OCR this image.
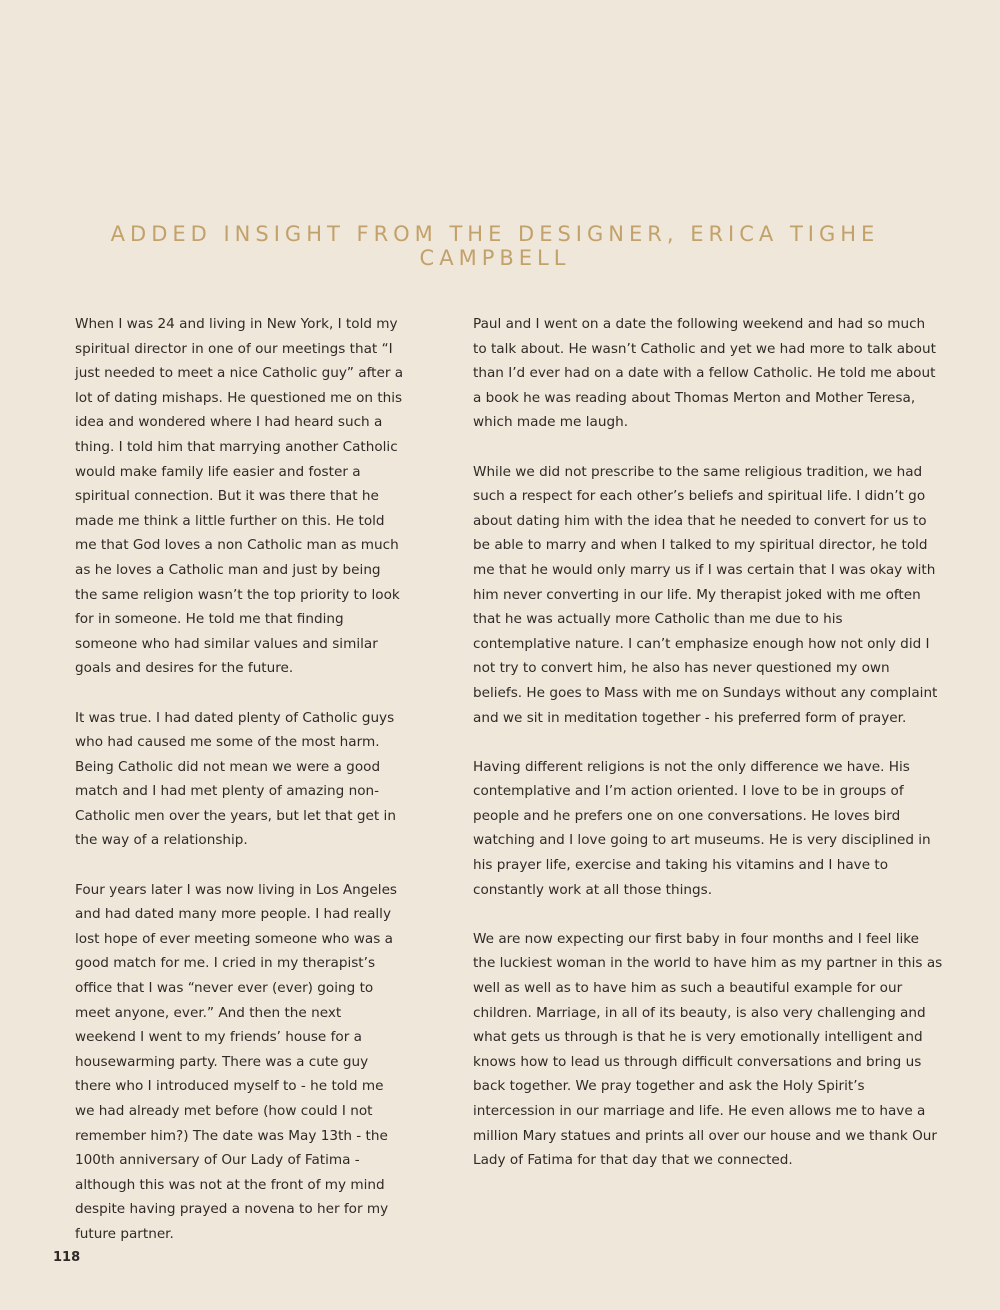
ADDED INSIGHT FROM THE DESIGNER, ERICA TIGHE CAMPBELL

When I was 24 and living in New York, I told my spiritual director in one of our meetings that “I just needed to meet a nice Catholic guy” after a lot of dating mishaps. He questioned me on this idea and wondered where I had heard such a thing. I told him that marrying another Catholic would make family life easier and foster a spiritual connection. But it was there that he made me think a little further on this. He told me that God loves a non Catholic man as much as he loves a Catholic man and just by being the same religion wasn’t the top priority to look for in someone. He told me that finding someone who had similar values and similar goals and desires for the future.

It was true. I had dated plenty of Catholic guys who had caused me some of the most harm. Being Catholic did not mean we were a good match and I had met plenty of amazing non-Catholic men over the years, but let that get in the way of a relationship.

Four years later I was now living in Los Angeles and had dated many more people. I had really lost hope of ever meeting someone who was a good match for me. I cried in my therapist’s office that I was “never ever (ever) going to meet anyone, ever.” And then the next weekend I went to my friends’ house for a housewarming party. There was a cute guy there who I introduced myself to - he told me we had already met before (how could I not remember him?) The date was May 13th - the 100th anniversary of Our Lady of Fatima - although this was not at the front of my mind despite having prayed a novena to her for my future partner.

Paul and I went on a date the following weekend and had so much to talk about. He wasn’t Catholic and yet we had more to talk about than I’d ever had on a date with a fellow Catholic. He told me about a book he was reading about Thomas Merton and Mother Teresa, which made me laugh.

While we did not prescribe to the same religious tradition, we had such a respect for each other’s beliefs and spiritual life. I didn’t go about dating him with the idea that he needed to convert for us to be able to marry and when I talked to my spiritual director, he told me that he would only marry us if I was certain that I was okay with him never converting in our life. My therapist joked with me often that he was actually more Catholic than me due to his contemplative nature. I can’t emphasize enough how not only did I not try to convert him, he also has never questioned my own beliefs. He goes to Mass with me on Sundays without any complaint and we sit in meditation together - his preferred form of prayer.

Having different religions is not the only difference we have. His contemplative and I’m action oriented. I love to be in groups of people and he prefers one on one conversations. He loves bird watching and I love going to art museums. He is very disciplined in his prayer life, exercise and taking his vitamins and I have to constantly work at all those things.

We are now expecting our first baby in four months and I feel like the luckiest woman in the world to have him as my partner in this as well as well as to have him as such a beautiful example for our children. Marriage, in all of its beauty, is also very challenging and what gets us through is that he is very emotionally intelligent and knows how to lead us through difficult conversations and bring us back together. We pray together and ask the Holy Spirit’s intercession in our marriage and life. He even allows me to have a million Mary statues and prints all over our house and we thank Our Lady of Fatima for that day that we connected.

118
